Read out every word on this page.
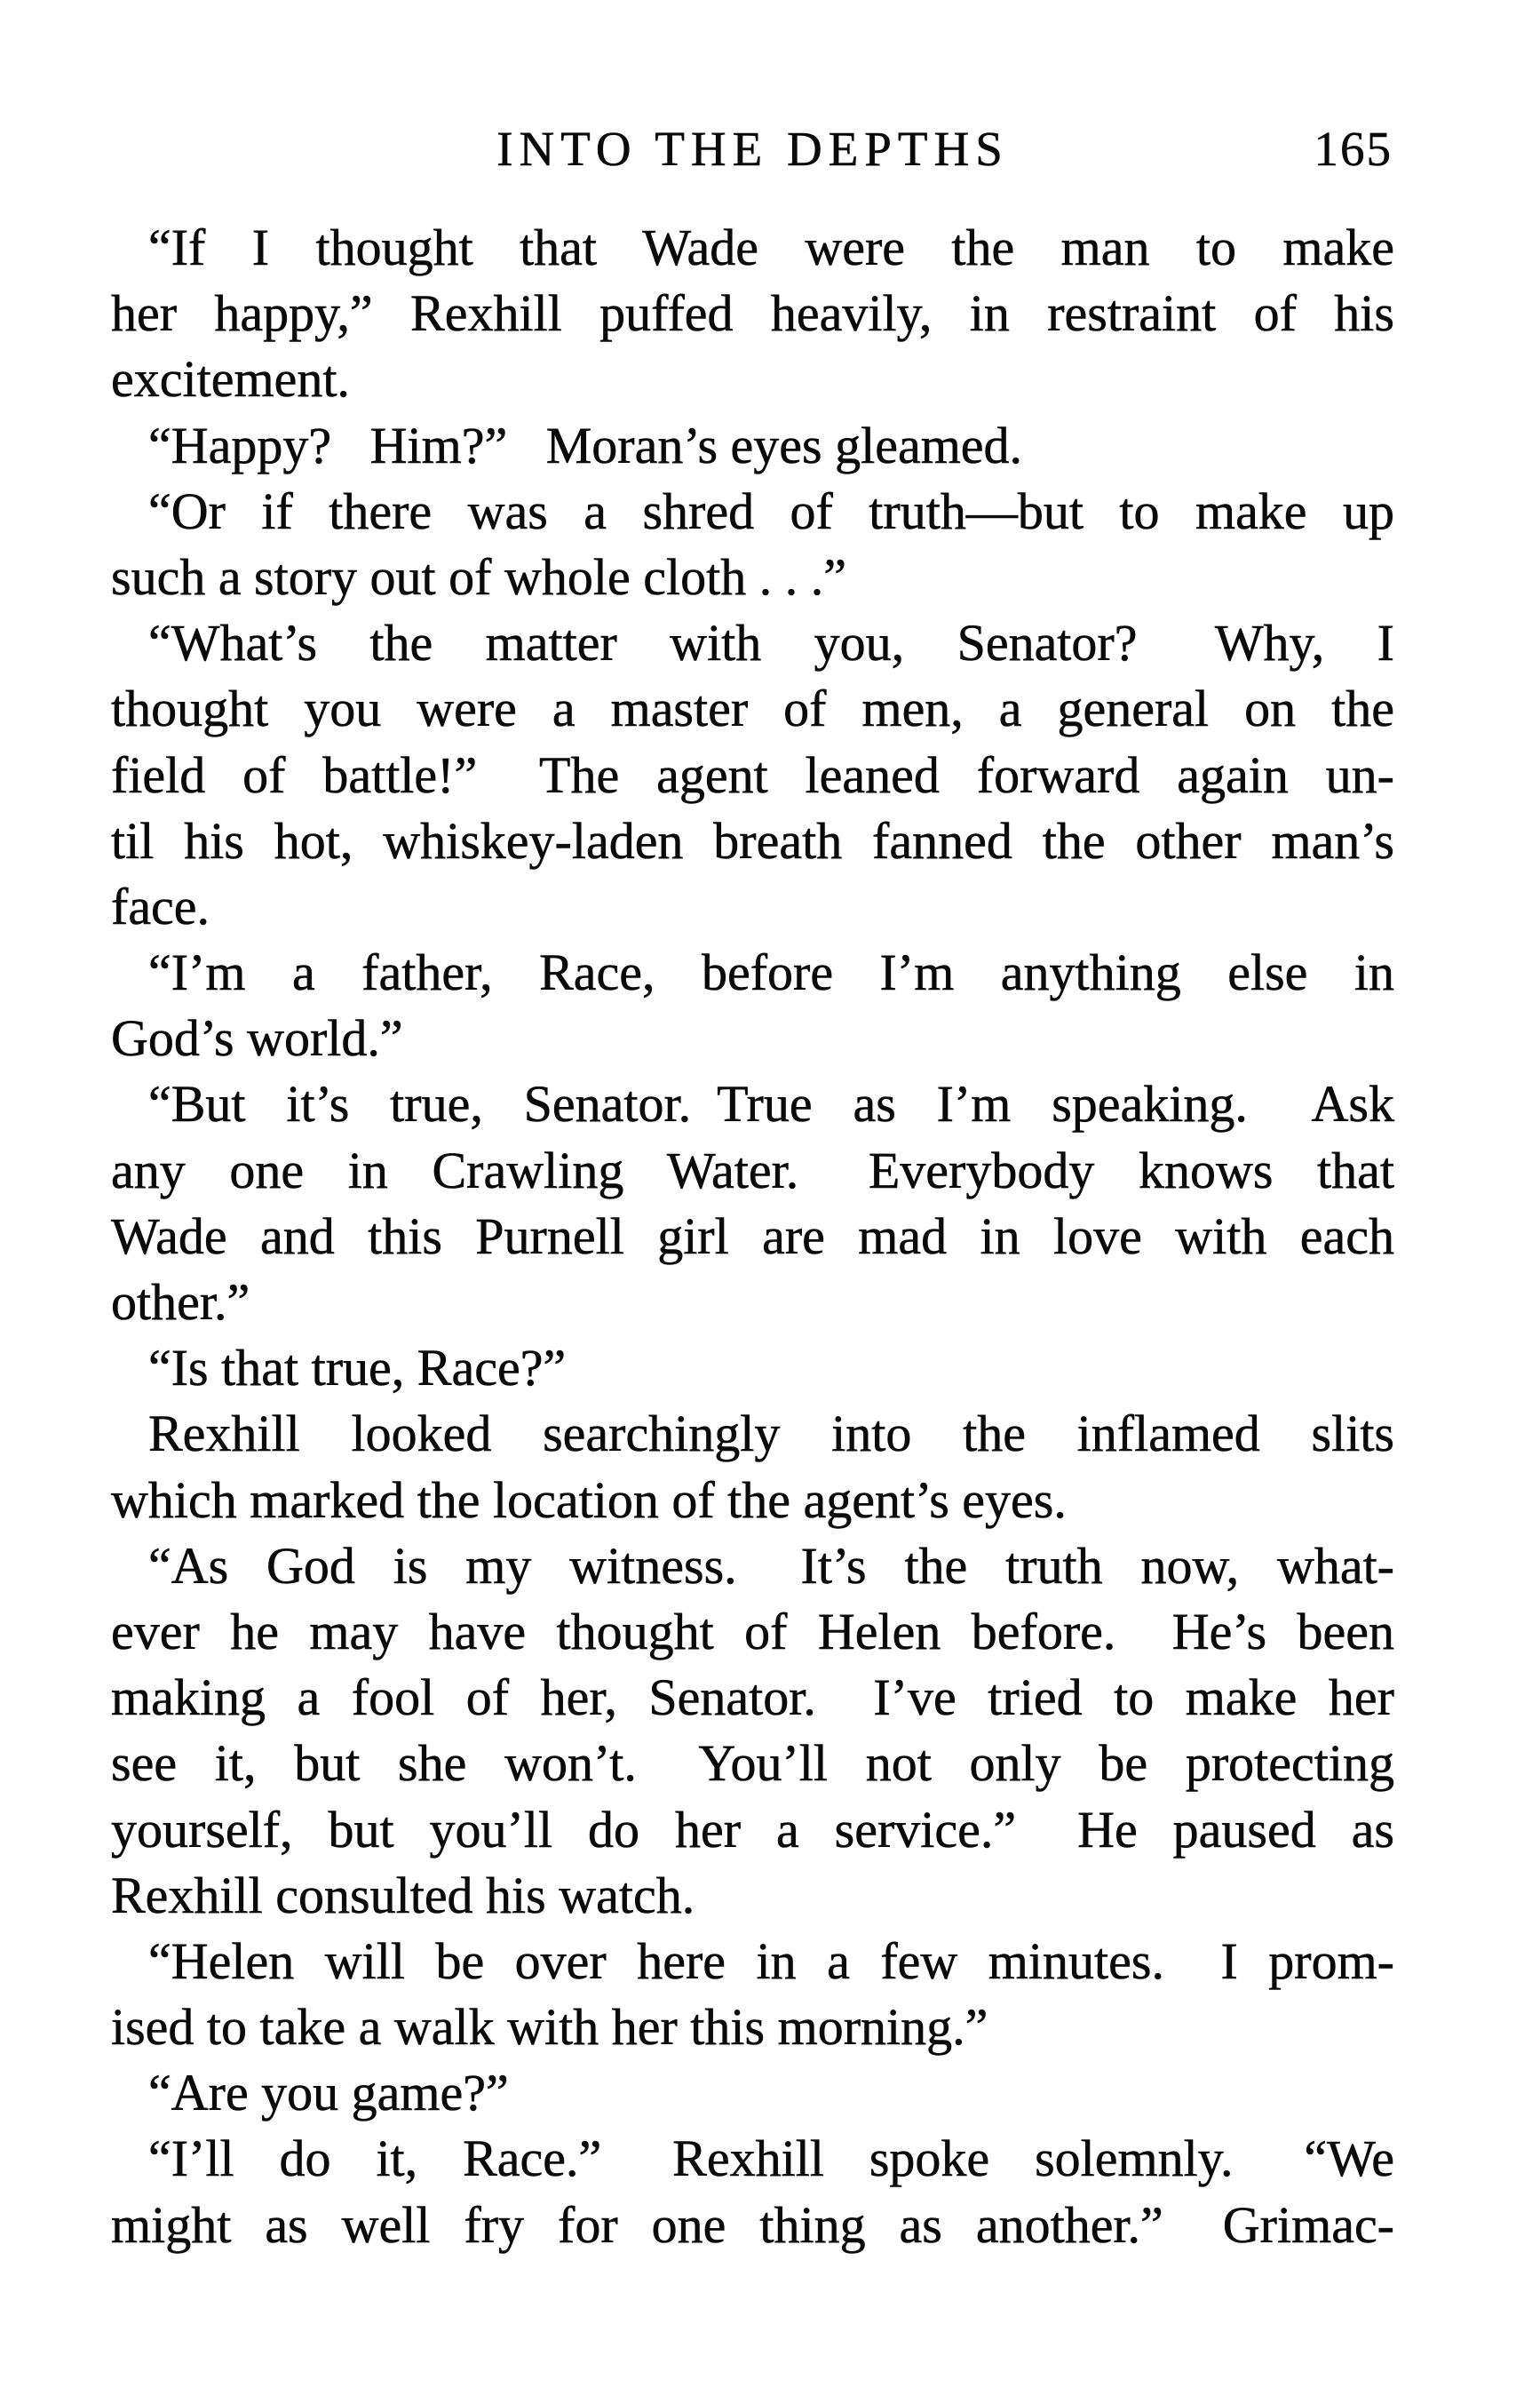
INTO THE DEPTHS	165
“If I thought that Wade were the man to make
her happy,” Rexhill puffed heavily, in restraint of his
excitement.
“Happy?  Him?”  Moran’s eyes gleamed.
“Or if there was a shred of truth—but to make up
such a story out of whole cloth . . .”
“What’s the matter with you, Senator?  Why, I
thought you were a master of men, a general on the
field of battle!”  The agent leaned forward again un-
til his hot, whiskey-laden breath fanned the other man’s
face.
“I’m a father, Race, before I’m anything else in
God’s world.”
“But it’s true, Senator. True as I’m speaking.  Ask
any one in Crawling Water.  Everybody knows that
Wade and this Purnell girl are mad in love with each
other.”
“Is that true, Race?”
Rexhill looked searchingly into the inflamed slits
which marked the location of the agent’s eyes.
“As God is my witness.  It’s the truth now, what-
ever he may have thought of Helen before.  He’s been
making a fool of her, Senator.  I’ve tried to make her
see it, but she won’t.  You’ll not only be protecting
yourself, but you’ll do her a service.”  He paused as
Rexhill consulted his watch.
“Helen will be over here in a few minutes.  I prom-
ised to take a walk with her this morning.”
“Are you game?”
“I’ll do it, Race.”  Rexhill spoke solemnly.  “We
might as well fry for one thing as another.”  Grimac-
